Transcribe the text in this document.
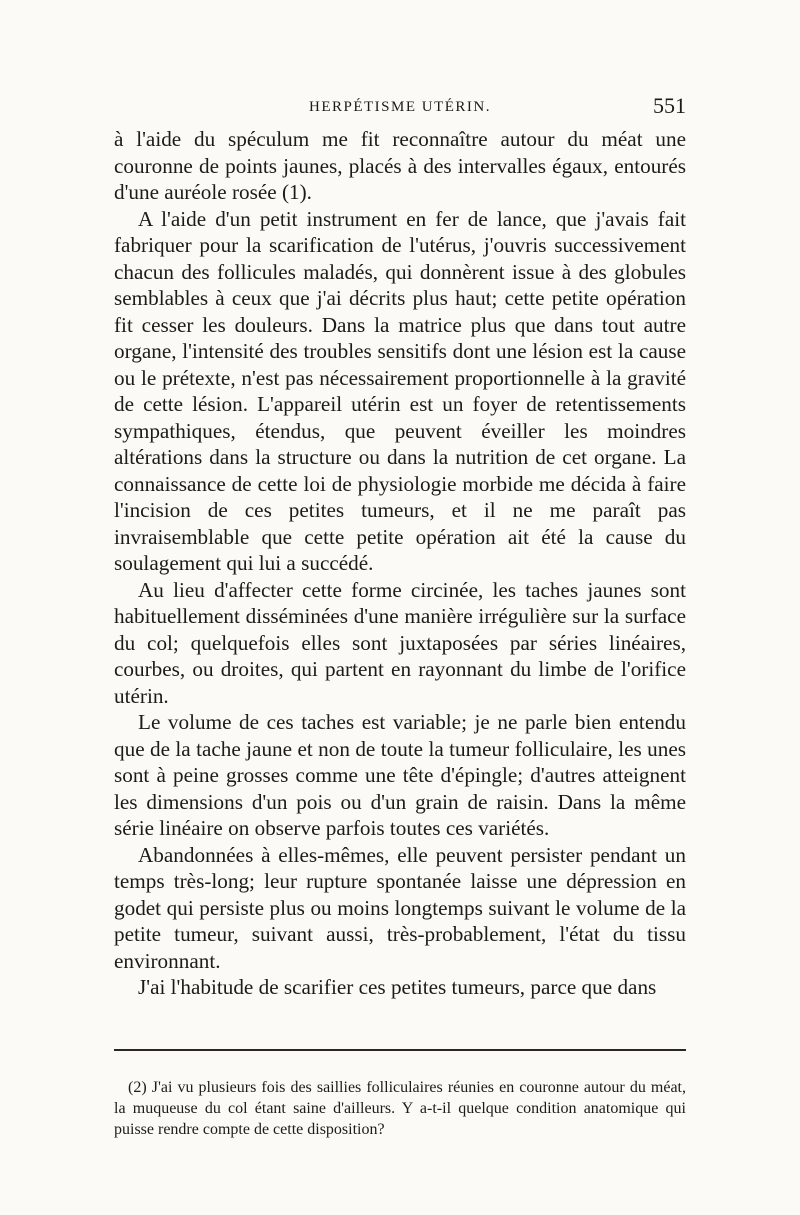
HERPÉTISME UTÉRIN.	551

à l'aide du spéculum me fit reconnaître autour du méat une couronne de points jaunes, placés à des intervalles égaux, entourés d'une auréole rosée (1).

A l'aide d'un petit instrument en fer de lance, que j'avais fait fabriquer pour la scarification de l'utérus, j'ouvris successivement chacun des follicules maladés, qui donnèrent issue à des globules semblables à ceux que j'ai décrits plus haut; cette petite opération fit cesser les douleurs. Dans la matrice plus que dans tout autre organe, l'intensité des troubles sensitifs dont une lésion est la cause ou le prétexte, n'est pas nécessairement proportionnelle à la gravité de cette lésion. L'appareil utérin est un foyer de retentissements sympathiques, étendus, que peuvent éveiller les moindres altérations dans la structure ou dans la nutrition de cet organe. La connaissance de cette loi de physiologie morbide me décida à faire l'incision de ces petites tumeurs, et il ne me paraît pas invraisemblable que cette petite opération ait été la cause du soulagement qui lui a succédé.

Au lieu d'affecter cette forme circinée, les taches jaunes sont habituellement disséminées d'une manière irrégulière sur la surface du col; quelquefois elles sont juxtaposées par séries linéaires, courbes, ou droites, qui partent en rayonnant du limbe de l'orifice utérin.

Le volume de ces taches est variable; je ne parle bien entendu que de la tache jaune et non de toute la tumeur folliculaire, les unes sont à peine grosses comme une tête d'épingle; d'autres atteignent les dimensions d'un pois ou d'un grain de raisin. Dans la même série linéaire on observe parfois toutes ces variétés.

Abandonnées à elles-mêmes, elle peuvent persister pendant un temps très-long; leur rupture spontanée laisse une dépression en godet qui persiste plus ou moins longtemps suivant le volume de la petite tumeur, suivant aussi, très-probablement, l'état du tissu environnant.

J'ai l'habitude de scarifier ces petites tumeurs, parce que dans

(2) J'ai vu plusieurs fois des saillies folliculaires réunies en couronne autour du méat, la muqueuse du col étant saine d'ailleurs. Y a-t-il quelque condition anatomique qui puisse rendre compte de cette disposition?
